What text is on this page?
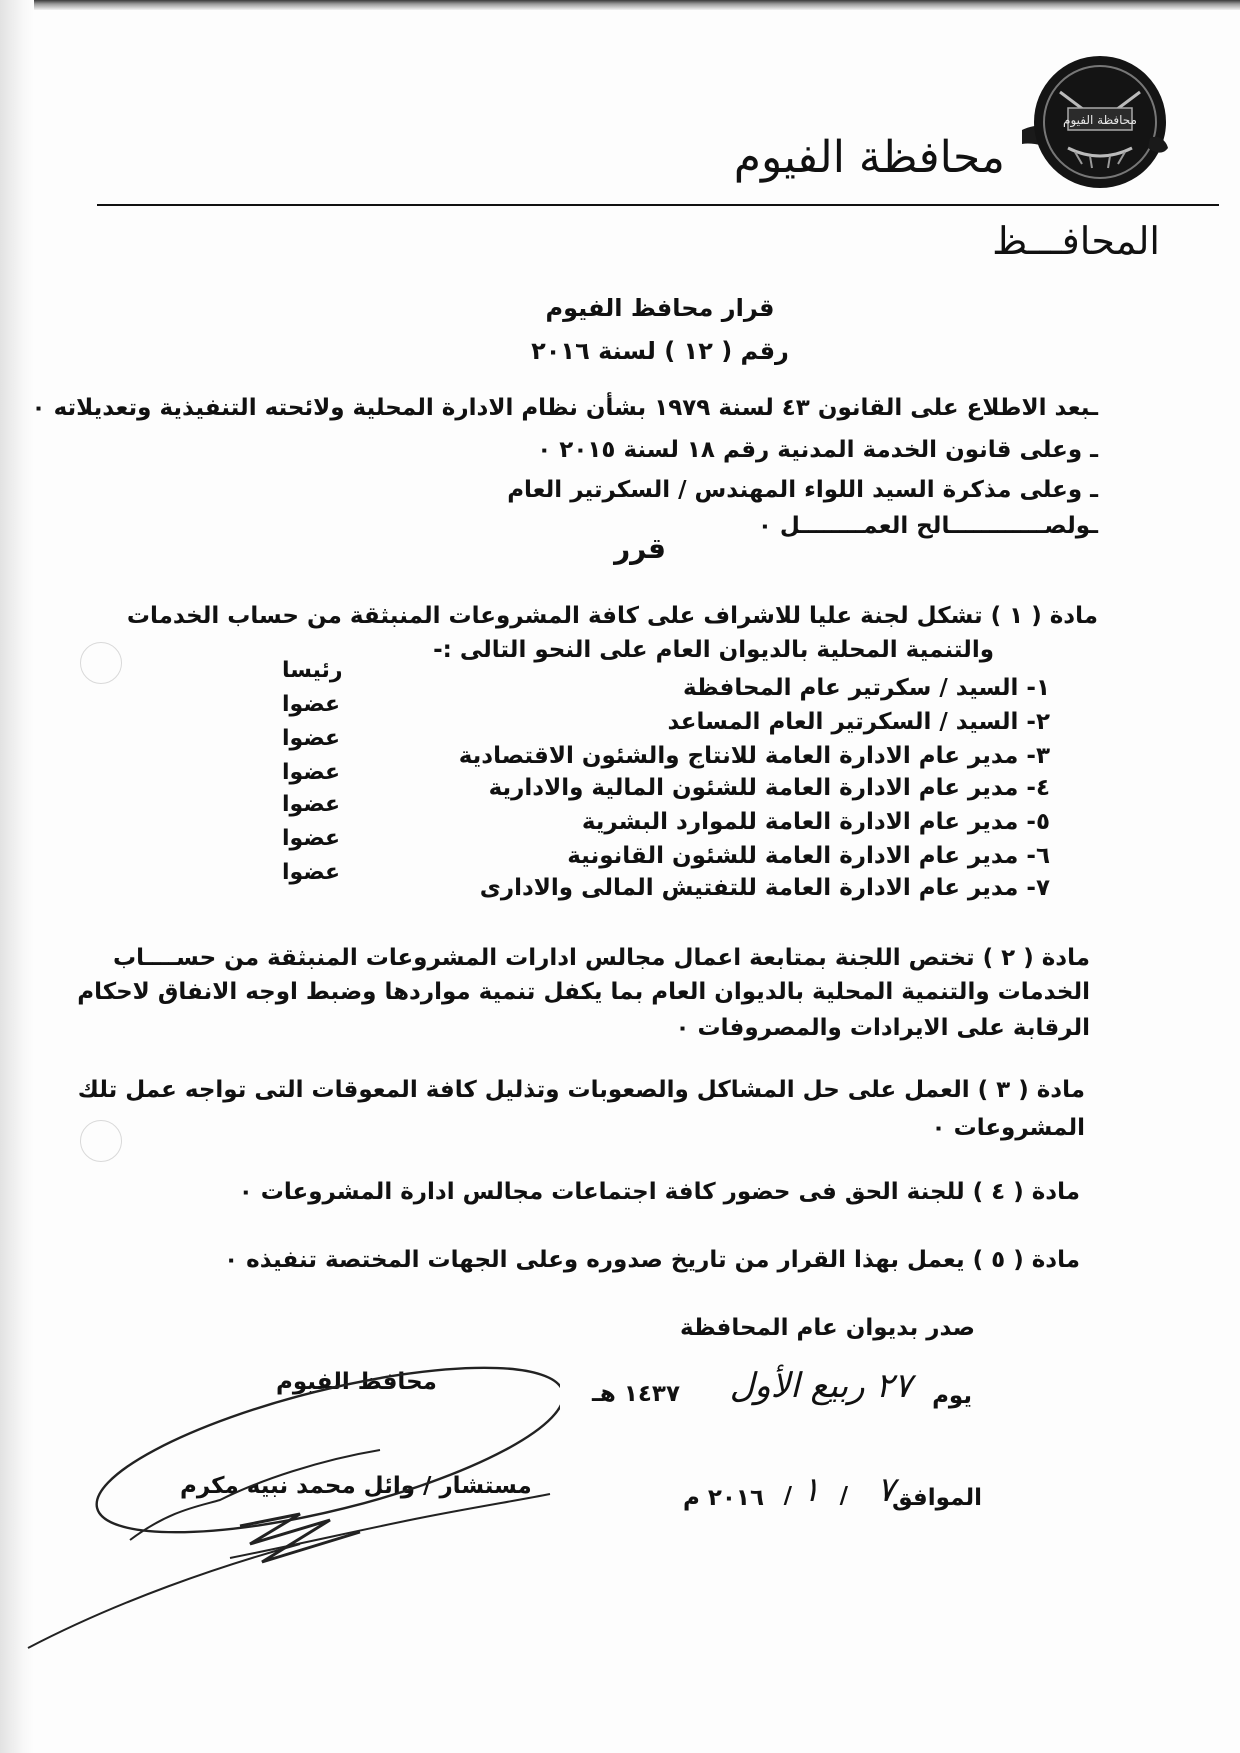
محافظة الفيوم
محافظة الفيوم
المحافـــظ
قرار محافظ الفيوم
رقم ( ١٢ ) لسنة ٢٠١٦
ـبعد الاطلاع على القانون ٤٣ لسنة ١٩٧٩ بشأن نظام الادارة المحلية ولائحته التنفيذية وتعديلاته ٠
ـ وعلى قانون الخدمة المدنية رقم ١٨ لسنة ٢٠١٥ ٠
ـ وعلى مذكرة السيد اللواء المهندس / السكرتير العام
ـولصــــــــــــالح العمــــــــل ٠
قرر
مادة ( ١ ) تشكل لجنة عليا للاشراف على كافة المشروعات المنبثقة من حساب الخدمات
والتنمية المحلية بالديوان العام على النحو التالى :-
١- السيد / سكرتير عام المحافظة
رئيسا
٢- السيد / السكرتير العام المساعد
عضوا
٣- مدير عام الادارة العامة للانتاج والشئون الاقتصادية
عضوا
٤- مدير عام الادارة العامة للشئون المالية والادارية
عضوا
٥- مدير عام الادارة العامة للموارد البشرية
عضوا
٦- مدير عام الادارة العامة للشئون القانونية
عضوا
٧- مدير عام الادارة العامة للتفتيش المالى والادارى
عضوا
مادة ( ٢ ) تختص اللجنة بمتابعة اعمال مجالس ادارات المشروعات المنبثقة من حســــاب
الخدمات والتنمية المحلية بالديوان العام بما يكفل تنمية مواردها وضبط اوجه الانفاق لاحكام
الرقابة على الايرادات والمصروفات ٠
مادة ( ٣ ) العمل على حل المشاكل والصعوبات وتذليل كافة المعوقات التى تواجه عمل تلك
المشروعات ٠
مادة ( ٤ ) للجنة الحق فى حضور كافة اجتماعات مجالس ادارة المشروعات ٠
مادة ( ٥ ) يعمل بهذا القرار من تاريخ صدوره وعلى الجهات المختصة تنفيذه ٠
صدر بديوان عام المحافظة
يوم
٢٧ ربيع الأول
١٤٣٧ هـ
الموافق
٧
/
١
/
٢٠١٦ م
محافظ الفيوم
مستشار / وائل محمد نبيه مكرم
